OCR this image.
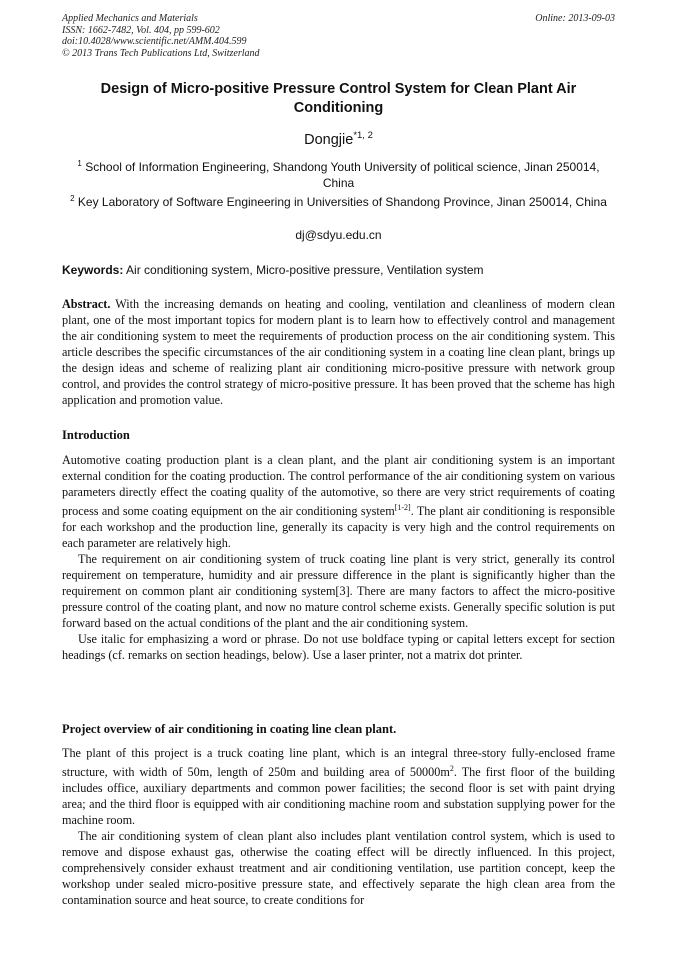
Applied Mechanics and Materials
ISSN: 1662-7482, Vol. 404, pp 599-602
doi:10.4028/www.scientific.net/AMM.404.599
© 2013 Trans Tech Publications Ltd, Switzerland
Online: 2013-09-03
Design of Micro-positive Pressure Control System for Clean Plant Air Conditioning
Dongjie$^{*1, 2}$
$^1$ School of Information Engineering, Shandong Youth University of political science, Jinan 250014, China
$^2$ Key Laboratory of Software Engineering in Universities of Shandong Province, Jinan 250014, China
dj@sdyu.edu.cn
Keywords: Air conditioning system, Micro-positive pressure, Ventilation system

Abstract. With the increasing demands on heating and cooling, ventilation and cleanliness of modern clean plant, one of the most important topics for modern plant is to learn how to effectively control and management the air conditioning system to meet the requirements of production process on the air conditioning system. This article describes the specific circumstances of the air conditioning system in a coating line clean plant, brings up the design ideas and scheme of realizing plant air conditioning micro-positive pressure with network group control, and provides the control strategy of micro-positive pressure. It has been proved that the scheme has high application and promotion value.

Introduction

Automotive coating production plant is a clean plant, and the plant air conditioning system is an important external condition for the coating production. The control performance of the air conditioning system on various parameters directly effect the coating quality of the automotive, so there are very strict requirements of coating process and some coating equipment on the air conditioning system[1-2]. The plant air conditioning is responsible for each workshop and the production line, generally its capacity is very high and the control requirements on each parameter are relatively high.

The requirement on air conditioning system of truck coating line plant is very strict, generally its control requirement on temperature, humidity and air pressure difference in the plant is significantly higher than the requirement on common plant air conditioning system[3]. There are many factors to affect the micro-positive pressure control of the coating plant, and now no mature control scheme exists. Generally specific solution is put forward based on the actual conditions of the plant and the air conditioning system.

Use italic for emphasizing a word or phrase. Do not use boldface typing or capital letters except for section headings (cf. remarks on section headings, below). Use a laser printer, not a matrix dot printer.

Project overview of air conditioning in coating line clean plant.

The plant of this project is a truck coating line plant, which is an integral three-story fully-enclosed frame structure, with width of 50m, length of 250m and building area of 50000m$^2$. The first floor of the building includes office, auxiliary departments and common power facilities; the second floor is set with paint drying area; and the third floor is equipped with air conditioning machine room and substation supplying power for the machine room.

The air conditioning system of clean plant also includes plant ventilation control system, which is used to remove and dispose exhaust gas, otherwise the coating effect will be directly influenced. In this project, comprehensively consider exhaust treatment and air conditioning ventilation, use partition concept, keep the workshop under sealed micro-positive pressure state, and effectively separate the high clean area from the contamination source and heat source, to create conditions for
